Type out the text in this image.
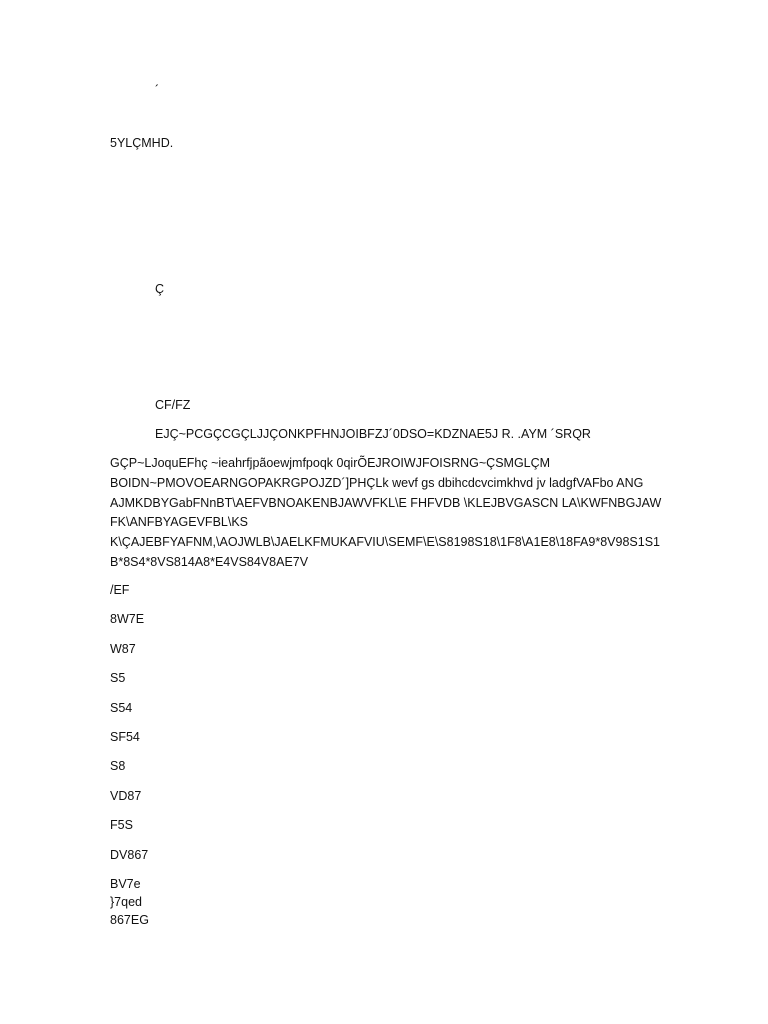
´
5YLÇMHD.
Ç
CF/FZ
EJÇ~PCGÇCGÇLJJÇONKPFHNJOIBFZJ´0DSO=KDZNAE5J R. .AYM ´SRQR
GÇP~LJoquEFhç ~ieahrfjpãoewjmfpoqk 0qirÕEJROIWJFOISRNG~ÇSMGLÇM
BOIDN~PMOVOEARNGOPAKRGPOJZD´]PHÇLk wevf gs dbihcdcvcimkhvd jv ladgfVAFbo ANG
AJMKDBYGabFNnBT\AEFVBNOAKENBJAWVFKL\E FHFVDB \KLEJBVGASCN LA\KWFNBGJAW
FK\ANFBYAGEVFBL\KS
K\ÇAJEBFYAFNM,\AOJWLB\JAELKFMUKAFVIU\SEMF\E\S8198S18\1F8\A1E8\18FA9*8V98S1S1
B*8S4*8VS814A8*E4VS84V8AE7V
/EF
8W7E
W87
S5
S54
SF54
S8
VD87
F5S
DV867
BV7e
}7qed
867EG
